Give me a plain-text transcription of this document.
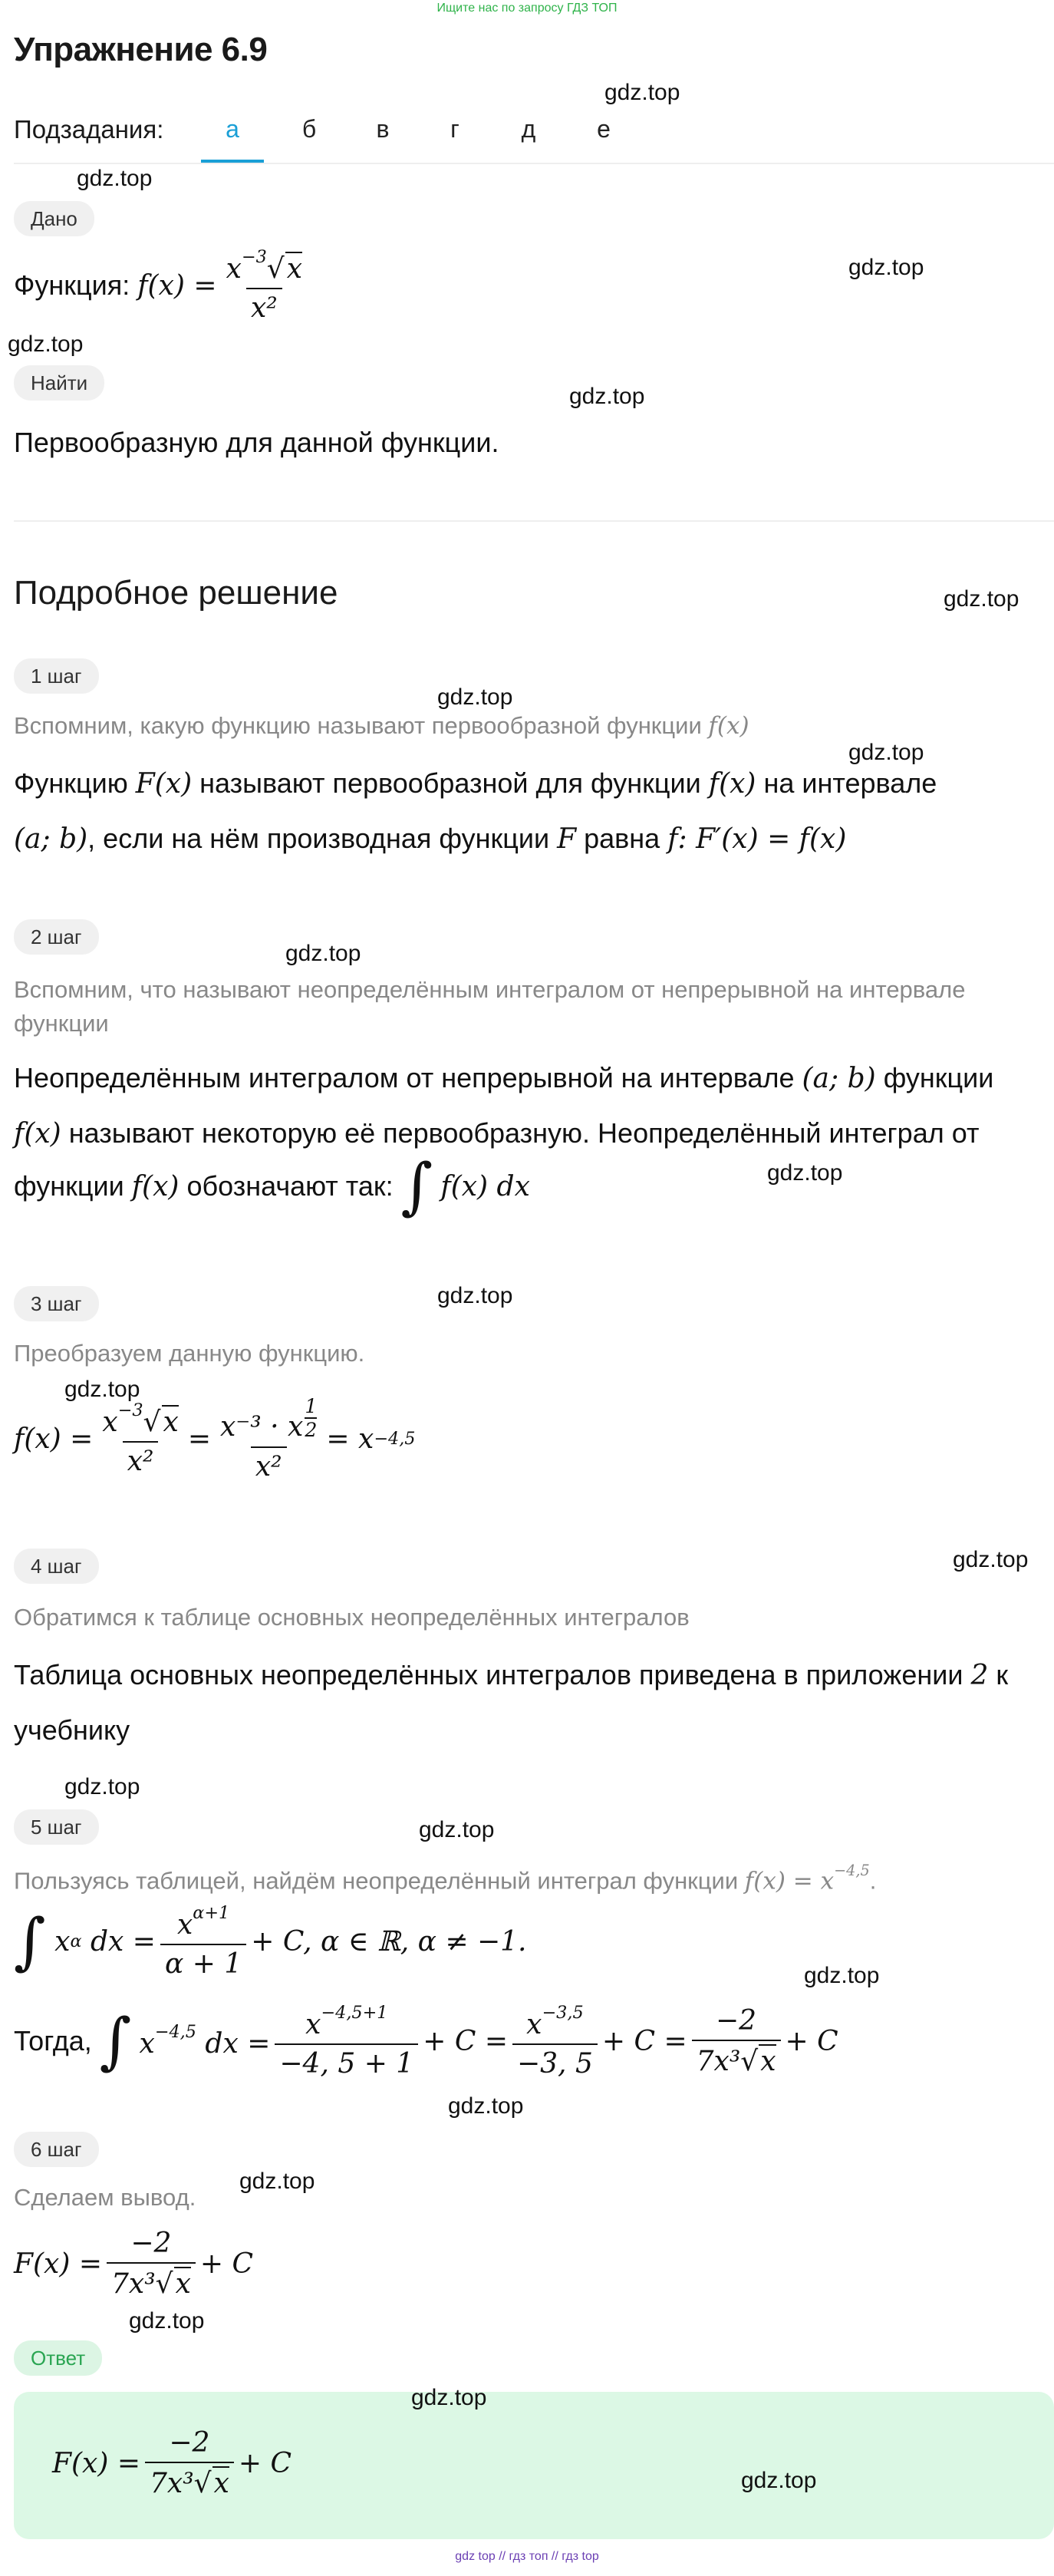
Ищите нас по запросу ГДЗ ТОП
Упражнение 6.9
Подзадания:	а	б	в	г	д	е
Дано
Функция: $f(x) = \frac{x^{-3}√x}{\text{x²}}$
Найти
Первообразную для данной функции.
Подробное решение
1 шаг
Вспомним, какую функцию называют первообразной функции f(x)
Функцию F(x) называют первообразной для функции f(x) на интервале
(a; b), если на нём производная функции F равна f: F′(x) = f(x)
2 шаг
Вспомним, что называют неопределённым интегралом от непрерывной на интервале функции
Неопределённым интегралом от непрерывной на интервале (a; b) функции
f(x) называют некоторую её первообразную. Неопределённый интеграл от
функции
f(x)
обозначают так:
∫
f(x) dx
3 шаг
Преобразуем данную функцию.
$f(x) = \frac{x^{-3}√x}{\text{x²}} = \frac{x^{-3} \cdot x \frac{1}{2}}{\text{x²}} = x -4,5$
4 шаг
Обратимся к таблице основных неопределённых интегралов
Таблица основных неопределённых интегралов приведена в приложении 2 к
учебнику
5 шаг
Пользуясь таблицей, найдём неопределённый интеграл функции $f(x) = x^{-4,5}$.
∫
x α
dx = $\frac{x^{\alpha+1}}{\alpha + 1} + C$, α ∈ ℝ, α ≠ −1.
Тогда,
∫
$x^{-4,5}$ dx = $\frac{x^{-4,5+1}}{-4, 5 + 1} + C = \frac{x^{-3,5}}{-3, 5} + C = \frac{-2}{\text{7x³√x}} + C$
6 шаг
Сделаем вывод.
$F(x) = \frac{-2}{\text{7x³√x}} + C$
Ответ
$F(x) = \frac{-2}{\text{7x³√x}} + C$
gdz.top
gdz.top
gdz.top
gdz.top
gdz.top
gdz.top
gdz.top
gdz.top
gdz.top
gdz.top
gdz.top
gdz.top
gdz.top
gdz.top
gdz.top
gdz.top
gdz.top
gdz.top
gdz.top
gdz.top
gdz.top
gdz top // гдз топ // гдз top
